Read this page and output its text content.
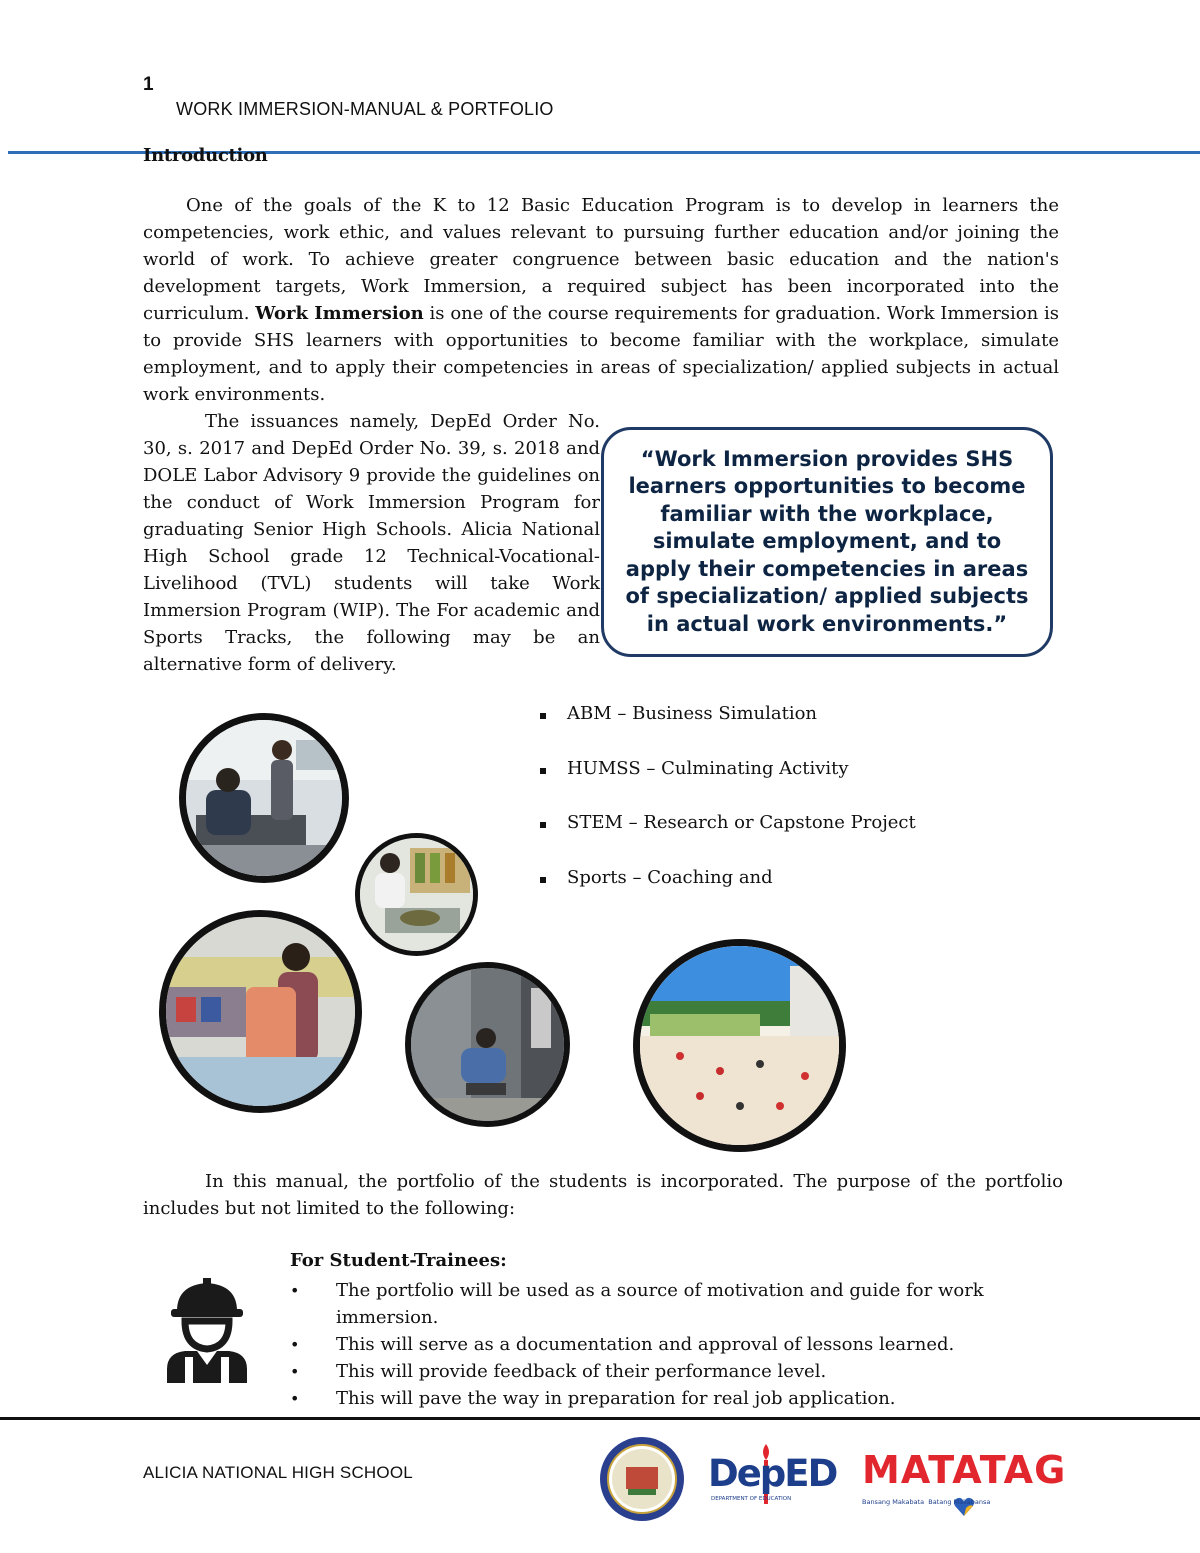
1
WORK IMMERSION-MANUAL & PORTFOLIO
Introduction
One of the goals of the K to 12 Basic Education Program is to develop in learners the competencies, work ethic, and values relevant to pursuing further education and/or joining the world of work. To achieve greater congruence between basic education and the nation's development targets, Work Immersion, a required subject has been incorporated into the curriculum. Work Immersion is one of the course requirements for graduation. Work Immersion is to provide SHS learners with opportunities to become familiar with the workplace, simulate employment, and to apply their competencies in areas of specialization/ applied subjects in actual work environments.
The issuances namely, DepEd Order No. 30, s. 2017 and DepEd Order No. 39, s. 2018 and DOLE Labor Advisory 9 provide the guidelines on the conduct of Work Immersion Program for graduating Senior High Schools. Alicia National High School grade 12 Technical-Vocational-Livelihood (TVL) students will take Work Immersion Program (WIP). The For academic and Sports Tracks, the following may be an alternative form of delivery.
“Work Immersion provides SHS learners opportunities to become familiar with the workplace, simulate employment, and to apply their competencies in areas of specialization/ applied subjects in actual work environments.”
ABM – Business Simulation
HUMSS – Culminating Activity
STEM – Research or Capstone Project
Sports – Coaching and
In this manual, the portfolio of the students is incorporated. The purpose of the portfolio includes but not limited to the following:
For Student-Trainees:
•	The portfolio will be used as a source of motivation and guide for work immersion.
•	This will serve as a documentation and approval of lessons learned.
•	This will provide feedback of their performance level.
•	This will pave the way in preparation for real job application.
ALICIA NATIONAL HIGH SCHOOL	DepED
DEPARTMENT OF EDUCATION
MATATAG
Bansang Makabata  Batang Makabansa
